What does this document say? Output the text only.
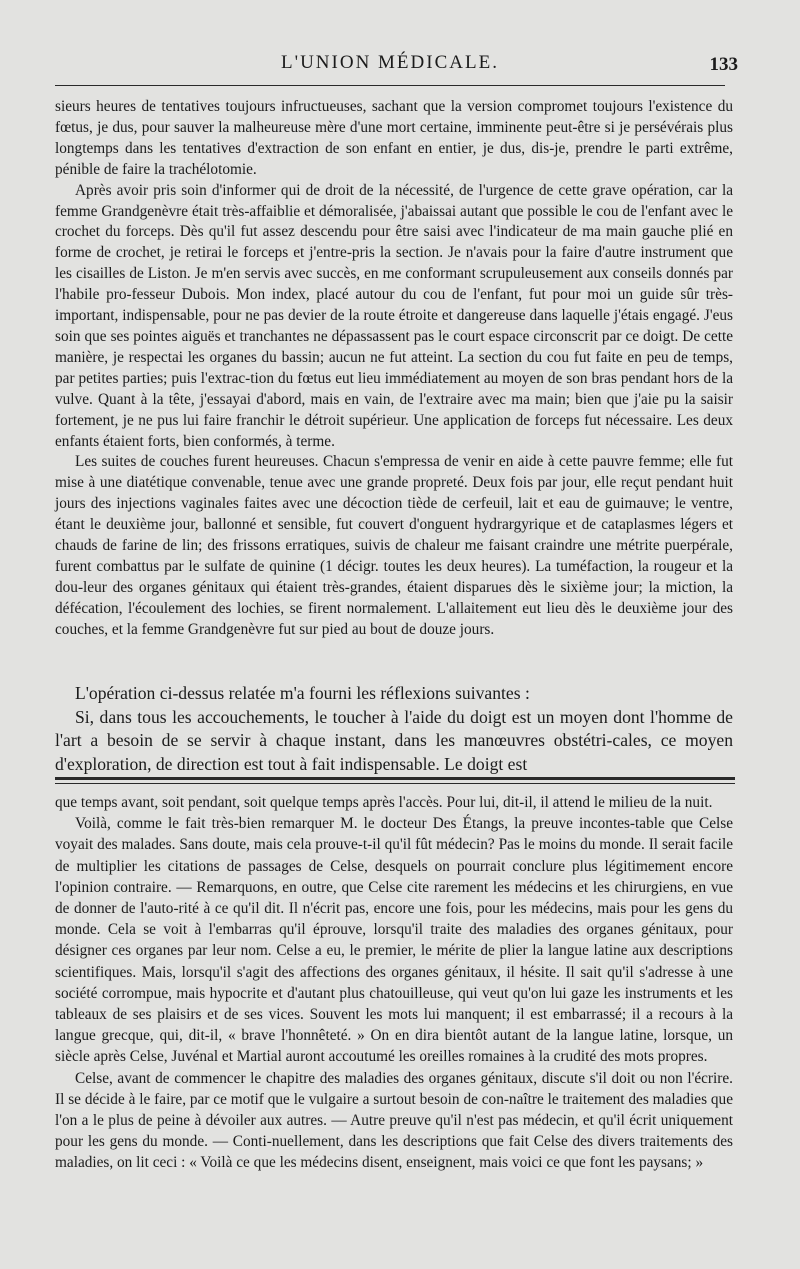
L'UNION MÉDICALE.	133

sieurs heures de tentatives toujours infructueuses, sachant que la version compromet toujours l'existence du fœtus, je dus, pour sauver la malheureuse mère d'une mort certaine, imminente peut-être si je persévérais plus longtemps dans les tentatives d'extraction de son enfant en entier, je dus, dis-je, prendre le parti extrême, pénible de faire la trachélotomie.

Après avoir pris soin d'informer qui de droit de la nécessité, de l'urgence de cette grave opération, car la femme Grandgenèvre était très-affaiblie et démoralisée, j'abaissai autant que possible le cou de l'enfant avec le crochet du forceps. Dès qu'il fut assez descendu pour être saisi avec l'indicateur de ma main gauche plié en forme de crochet, je retirai le forceps et j'entre-pris la section. Je n'avais pour la faire d'autre instrument que les cisailles de Liston. Je m'en servis avec succès, en me conformant scrupuleusement aux conseils donnés par l'habile pro-fesseur Dubois. Mon index, placé autour du cou de l'enfant, fut pour moi un guide sûr très-important, indispensable, pour ne pas devier de la route étroite et dangereuse dans laquelle j'étais engagé. J'eus soin que ses pointes aiguës et tranchantes ne dépassassent pas le court espace circonscrit par ce doigt. De cette manière, je respectai les organes du bassin; aucun ne fut atteint. La section du cou fut faite en peu de temps, par petites parties; puis l'extrac-tion du fœtus eut lieu immédiatement au moyen de son bras pendant hors de la vulve. Quant à la tête, j'essayai d'abord, mais en vain, de l'extraire avec ma main; bien que j'aie pu la saisir fortement, je ne pus lui faire franchir le détroit supérieur. Une application de forceps fut nécessaire. Les deux enfants étaient forts, bien conformés, à terme.

Les suites de couches furent heureuses. Chacun s'empressa de venir en aide à cette pauvre femme; elle fut mise à une diatétique convenable, tenue avec une grande propreté. Deux fois par jour, elle reçut pendant huit jours des injections vaginales faites avec une décoction tiède de cerfeuil, lait et eau de guimauve; le ventre, étant le deuxième jour, ballonné et sensible, fut couvert d'onguent hydrargyrique et de cataplasmes légers et chauds de farine de lin; des frissons erratiques, suivis de chaleur me faisant craindre une métrite puerpérale, furent combattus par le sulfate de quinine (1 décigr. toutes les deux heures). La tuméfaction, la rougeur et la dou-leur des organes génitaux qui étaient très-grandes, étaient disparues dès le sixième jour; la miction, la défécation, l'écoulement des lochies, se firent normalement. L'allaitement eut lieu dès le deuxième jour des couches, et la femme Grandgenèvre fut sur pied au bout de douze jours.

L'opération ci-dessus relatée m'a fourni les réflexions suivantes :

Si, dans tous les accouchements, le toucher à l'aide du doigt est un moyen dont l'homme de l'art a besoin de se servir à chaque instant, dans les manœuvres obstétri-cales, ce moyen d'exploration, de direction est tout à fait indispensable. Le doigt est

que temps avant, soit pendant, soit quelque temps après l'accès. Pour lui, dit-il, il attend le milieu de la nuit.

Voilà, comme le fait très-bien remarquer M. le docteur Des Étangs, la preuve incontes-table que Celse voyait des malades. Sans doute, mais cela prouve-t-il qu'il fût médecin? Pas le moins du monde. Il serait facile de multiplier les citations de passages de Celse, desquels on pourrait conclure plus légitimement encore l'opinion contraire. — Remarquons, en outre, que Celse cite rarement les médecins et les chirurgiens, en vue de donner de l'auto-rité à ce qu'il dit. Il n'écrit pas, encore une fois, pour les médecins, mais pour les gens du monde. Cela se voit à l'embarras qu'il éprouve, lorsqu'il traite des maladies des organes génitaux, pour désigner ces organes par leur nom. Celse a eu, le premier, le mérite de plier la langue latine aux descriptions scientifiques. Mais, lorsqu'il s'agit des affections des organes génitaux, il hésite. Il sait qu'il s'adresse à une société corrompue, mais hypocrite et d'autant plus chatouilleuse, qui veut qu'on lui gaze les instruments et les tableaux de ses plaisirs et de ses vices. Souvent les mots lui manquent; il est embarrassé; il a recours à la langue grecque, qui, dit-il, « brave l'honnêteté. » On en dira bientôt autant de la langue latine, lorsque, un siècle après Celse, Juvénal et Martial auront accoutumé les oreilles romaines à la crudité des mots propres.

Celse, avant de commencer le chapitre des maladies des organes génitaux, discute s'il doit ou non l'écrire. Il se décide à le faire, par ce motif que le vulgaire a surtout besoin de con-naître le traitement des maladies que l'on a le plus de peine à dévoiler aux autres. — Autre preuve qu'il n'est pas médecin, et qu'il écrit uniquement pour les gens du monde. — Conti-nuellement, dans les descriptions que fait Celse des divers traitements des maladies, on lit ceci : « Voilà ce que les médecins disent, enseignent, mais voici ce que font les paysans; »
